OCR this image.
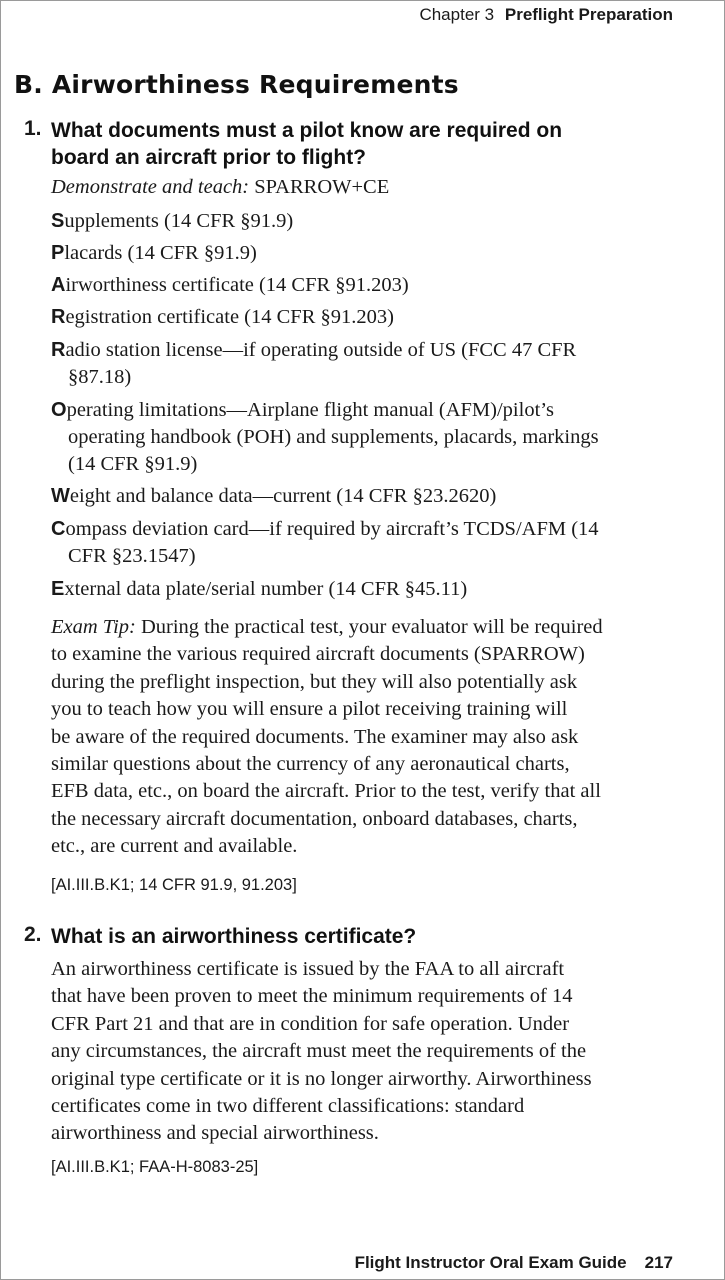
Chapter 3 Preflight Preparation
B. Airworthiness Requirements
1. What documents must a pilot know are required on
board an aircraft prior to flight?
Demonstrate and teach: SPARROW+CE
Supplements (14 CFR §91.9)
Placards (14 CFR §91.9)
Airworthiness certificate (14 CFR §91.203)
Registration certificate (14 CFR §91.203)
Radio station license—if operating outside of US (FCC 47 CFR
§87.18)
Operating limitations—Airplane flight manual (AFM)/pilot’s
operating handbook (POH) and supplements, placards, markings
(14 CFR §91.9)
Weight and balance data—current (14 CFR §23.2620)
Compass deviation card—if required by aircraft’s TCDS/AFM (14
CFR §23.1547)
External data plate/serial number (14 CFR §45.11)
Exam Tip: During the practical test, your evaluator will be required
to examine the various required aircraft documents (SPARROW)
during the preflight inspection, but they will also potentially ask
you to teach how you will ensure a pilot receiving training will
be aware of the required documents. The examiner may also ask
similar questions about the currency of any aeronautical charts,
EFB data, etc., on board the aircraft. Prior to the test, verify that all
the necessary aircraft documentation, onboard databases, charts,
etc., are current and available.
[AI.III.B.K1; 14 CFR 91.9, 91.203]
2. What is an airworthiness certificate?
An airworthiness certificate is issued by the FAA to all aircraft
that have been proven to meet the minimum requirements of 14
CFR Part 21 and that are in condition for safe operation. Under
any circumstances, the aircraft must meet the requirements of the
original type certificate or it is no longer airworthy. Airworthiness
certificates come in two different classifications: standard
airworthiness and special airworthiness.
[AI.III.B.K1; FAA-H-8083-25]
Flight Instructor Oral Exam Guide 217
